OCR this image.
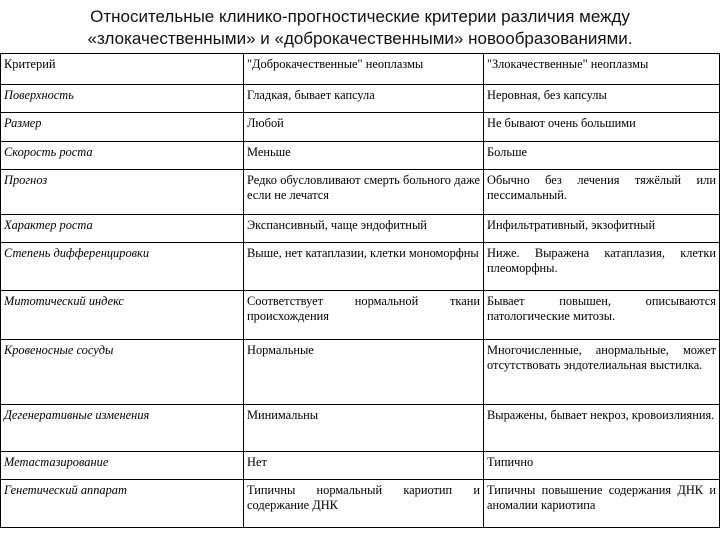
Относительные клинико-прогностические критерии различия между
«злокачественными» и «доброкачественными» новообразованиями.
Критерий	"Доброкачественные" неоплазмы	"Злокачественные" неоплазмы
Поверхность	Гладкая, бывает капсула	Неровная, без капсулы
Размер	Любой	Не бывают очень большими
Скорость роста	Меньше	Больше
Прогноз	Редко обусловливают смерть больного даже если не лечатся	Обычно без лечения тяжёлый или пессимальный.
Характер роста	Экспансивный, чаще эндофитный	Инфильтративный, экзофитный
Степень дифференцировки	Выше, нет катаплазии, клетки мономорфны	Ниже. Выражена катаплазия, клетки плеоморфны.
Митотический индекс	Соответствует нормальной ткани происхождения	Бывает повышен, описываются патологические митозы.
Кровеносные сосуды	Нормальные	Многочисленные, анормальные, может отсутствовать эндотелиальная выстилка.
Дегенеративные изменения	Минимальны	Выражены, бывает некроз, кровоизлияния.
Метастазирование	Нет	Типично
Генетический аппарат	Типичны нормальный кариотип и содержание ДНК	Типичны повышение содержания ДНК и аномалии кариотипа
